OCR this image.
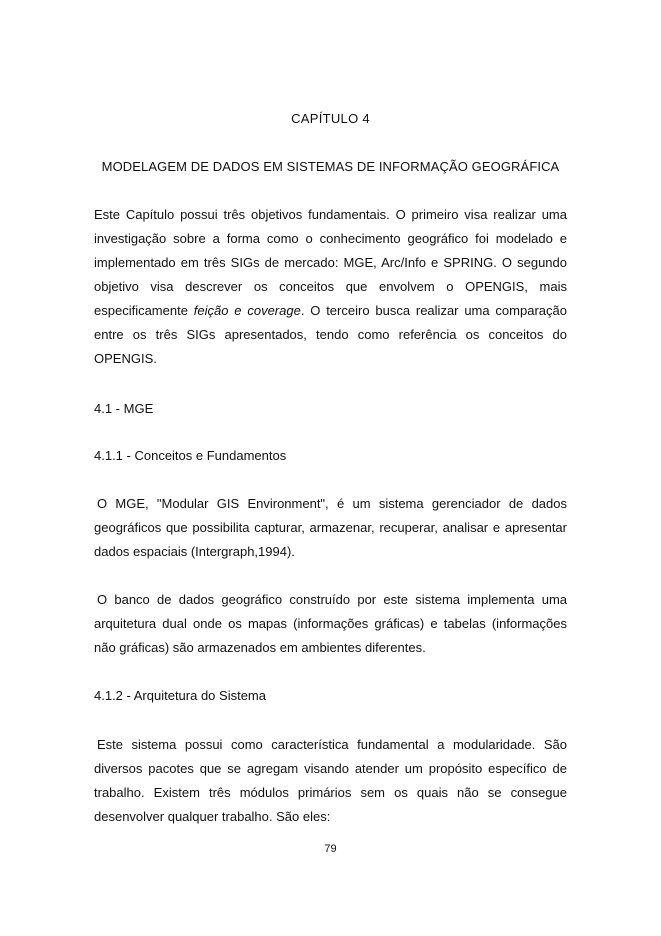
CAPÍTULO 4
MODELAGEM DE DADOS EM SISTEMAS DE INFORMAÇÃO GEOGRÁFICA

Este Capítulo possui três objetivos fundamentais. O primeiro visa realizar uma investigação sobre a forma como o conhecimento geográfico foi modelado e implementado em três SIGs de mercado: MGE, Arc/Info e SPRING. O segundo objetivo visa descrever os conceitos que envolvem o OPENGIS, mais especificamente feição e coverage. O terceiro busca realizar uma comparação entre os três SIGs apresentados, tendo como referência os conceitos do OPENGIS.

4.1 - MGE
4.1.1 - Conceitos e Fundamentos

O MGE, "Modular GIS Environment", é um sistema gerenciador de dados geográficos que possibilita capturar, armazenar, recuperar, analisar e apresentar dados espaciais (Intergraph,1994).

O banco de dados geográfico construído por este sistema implementa uma arquitetura dual onde os mapas (informações gráficas) e tabelas (informações não gráficas) são armazenados em ambientes diferentes.

4.1.2 - Arquitetura do Sistema

Este sistema possui como característica fundamental a modularidade. São diversos pacotes que se agregam visando atender um propósito específico de trabalho. Existem três módulos primários sem os quais não se consegue desenvolver qualquer trabalho. São eles:

79
